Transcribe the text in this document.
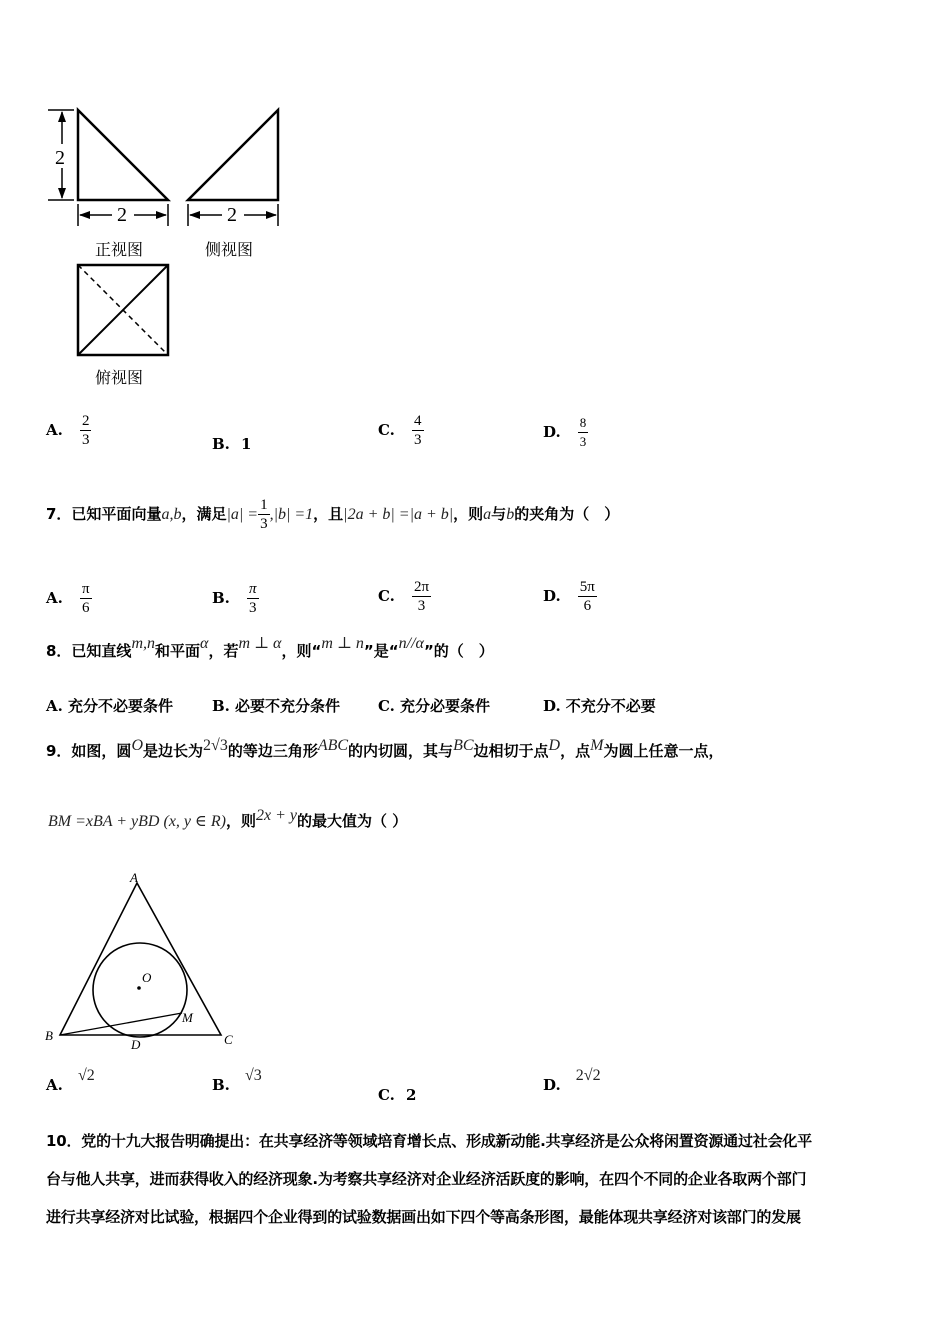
2
2	2
正视图	侧视图
俯视图
A. $\frac{2}{3}$	B. 1
C. $\frac{4}{3}$	D. $\frac{8}{3}$
7．已知平面向量a,b，满足$|a| = \frac{1}{3} ,|b| =1$，且|2a + b| =|a + b|，则a与b的夹角为（　）
A. $\frac{\pi}{6}$	B. $\frac{\pi}{3}$	C. $\frac{2\pi}{3}$	D. $\frac{5\pi}{6}$
8．已知直线m,n和平面α，若m ⊥ α，则“m ⊥ n”是“n//α”的（　）
A. 充分不必要条件	B. 必要不充分条件	C. 充分必要条件	D. 不充分不必要
9．如图，圆O是边长为2√3的等边三角形ABC的内切圆，其与BC边相切于点D，点M为圆上任意一点，
BM =xBA + yBD (x, y ∈ R)，则2x + y的最大值为（ ）
A
B	C
D
O
M
A. √2
B. √3
C. 2
D. 2√2
10．党的十九大报告明确提出：在共享经济等领域培育增长点、形成新动能.共享经济是公众将闲置资源通过社会化平
台与他人共享，进而获得收入的经济现象.为考察共享经济对企业经济活跃度的影响，在四个不同的企业各取两个部门
进行共享经济对比试验，根据四个企业得到的试验数据画出如下四个等高条形图，最能体现共享经济对该部门的发展
